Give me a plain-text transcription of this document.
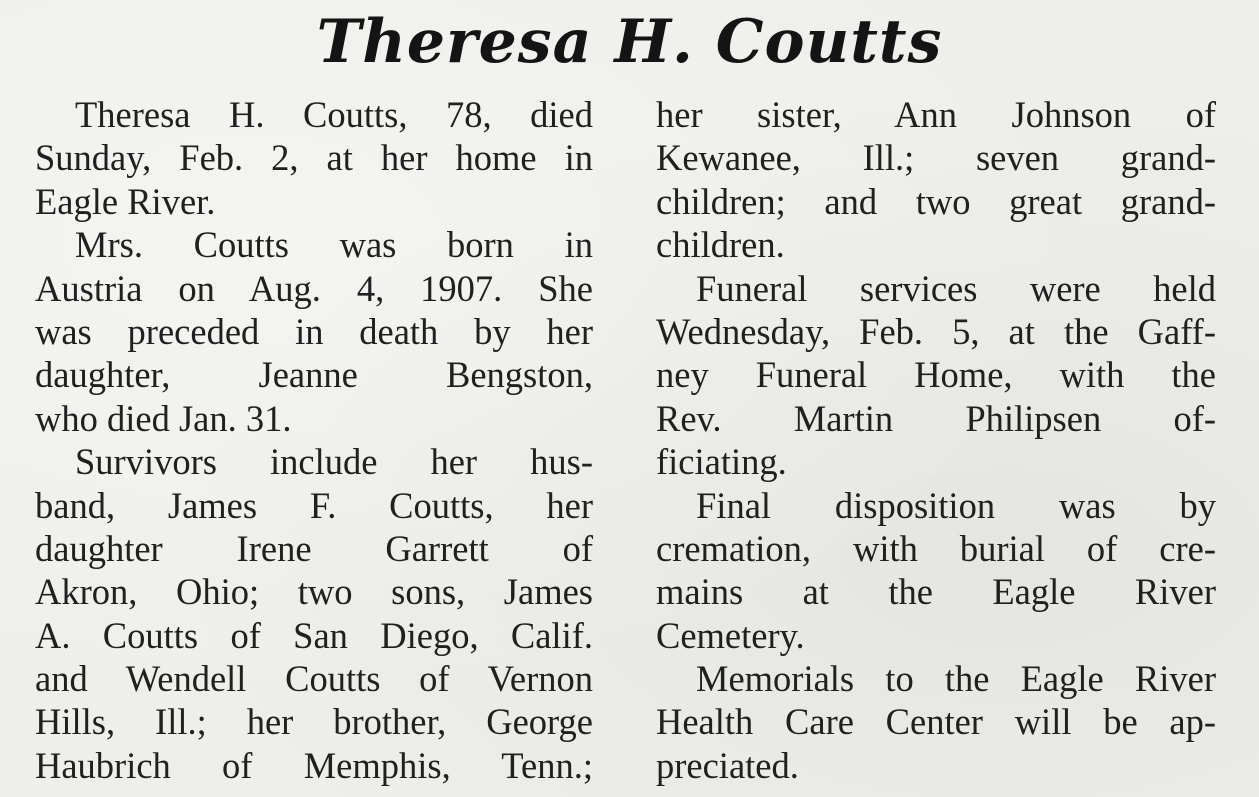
Theresa H. Coutts
Theresa H. Coutts, 78, died
Sunday, Feb. 2, at her home in
Eagle River.
Mrs. Coutts was born in
Austria on Aug. 4, 1907. She
was preceded in death by her
daughter, Jeanne Bengston,
who died Jan. 31.
Survivors include her hus-
band, James F. Coutts, her
daughter Irene Garrett of
Akron, Ohio; two sons, James
A. Coutts of San Diego, Calif.
and Wendell Coutts of Vernon
Hills, Ill.; her brother, George
Haubrich of Memphis, Tenn.;
her sister, Ann Johnson of
Kewanee, Ill.; seven grand-
children; and two great grand-
children.
Funeral services were held
Wednesday, Feb. 5, at the Gaff-
ney Funeral Home, with the
Rev. Martin Philipsen of-
ficiating.
Final disposition was by
cremation, with burial of cre-
mains at the Eagle River
Cemetery.
Memorials to the Eagle River
Health Care Center will be ap-
preciated.
